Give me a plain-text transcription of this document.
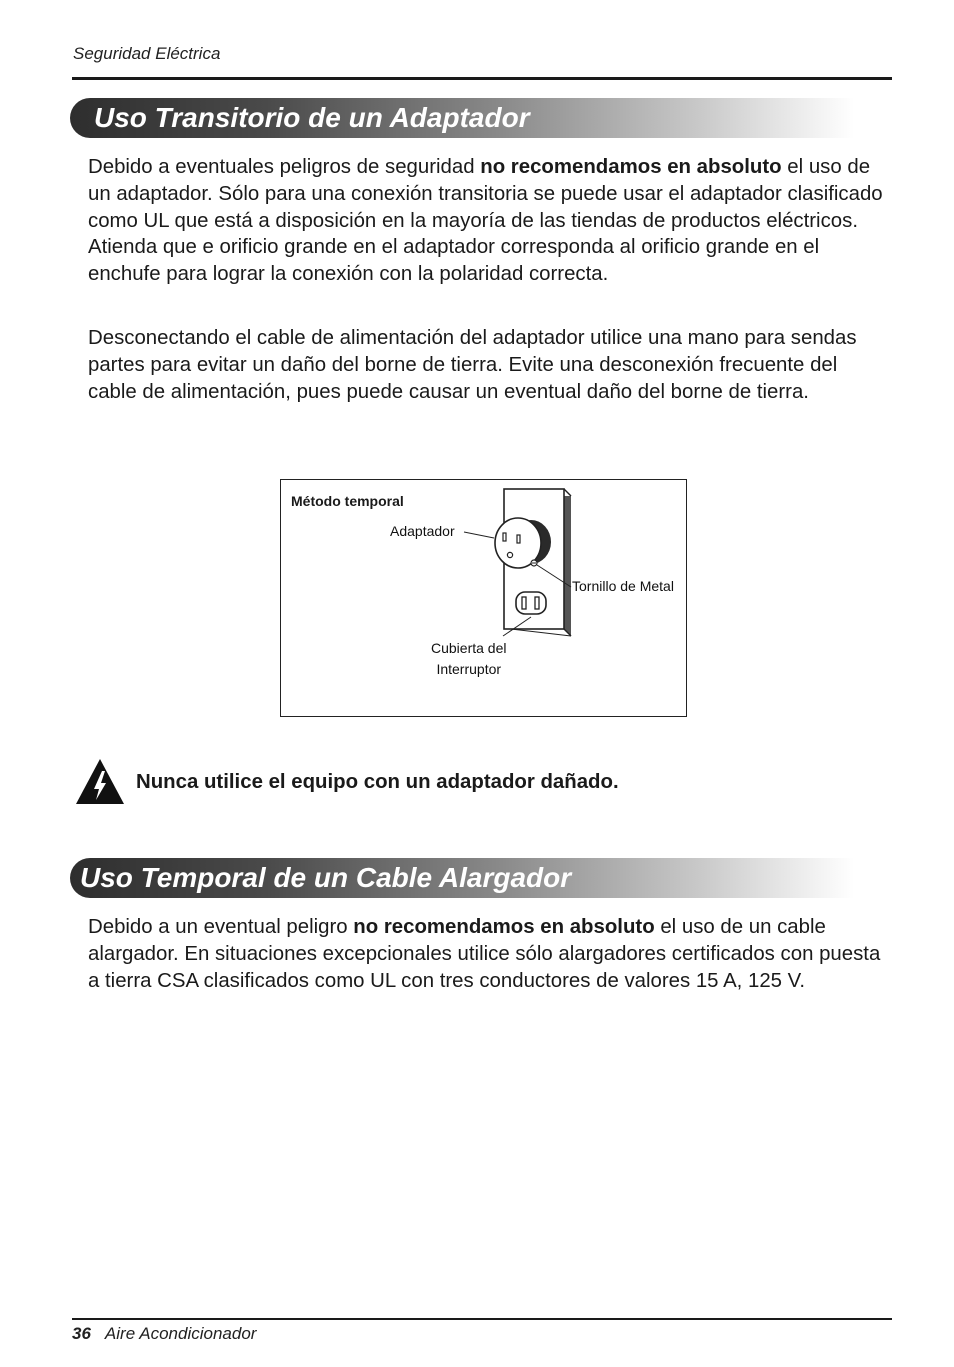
Seguridad Eléctrica
Uso Transitorio de un Adaptador
Debido a eventuales peligros de seguridad no recomendamos en absoluto el uso de un adaptador. Sólo para una conexión transitoria se puede usar el adaptador clasificado como UL que está a disposición en la mayoría de las tiendas de productos eléctricos. Atienda que e orificio grande en el adaptador corresponda al orificio grande en el enchufe para lograr la conexión con la polaridad correcta.
Desconectando el cable de alimentación del adaptador utilice una mano para sendas partes para evitar un daño del borne de tierra. Evite una desconexión frecuente del cable de alimentación, pues puede causar un eventual daño del borne de tierra.
Método temporal
Adaptador
Tornillo de Metal
Cubierta del
Interruptor
Nunca utilice el equipo con un adaptador dañado.
Uso Temporal de un Cable Alargador
Debido a un eventual peligro no recomendamos en absoluto el uso de un cable alargador. En situaciones excepcionales utilice sólo alargadores certificados con puesta a tierra CSA clasificados como UL con tres conductores de valores 15 A, 125 V.
36 Aire Acondicionador
